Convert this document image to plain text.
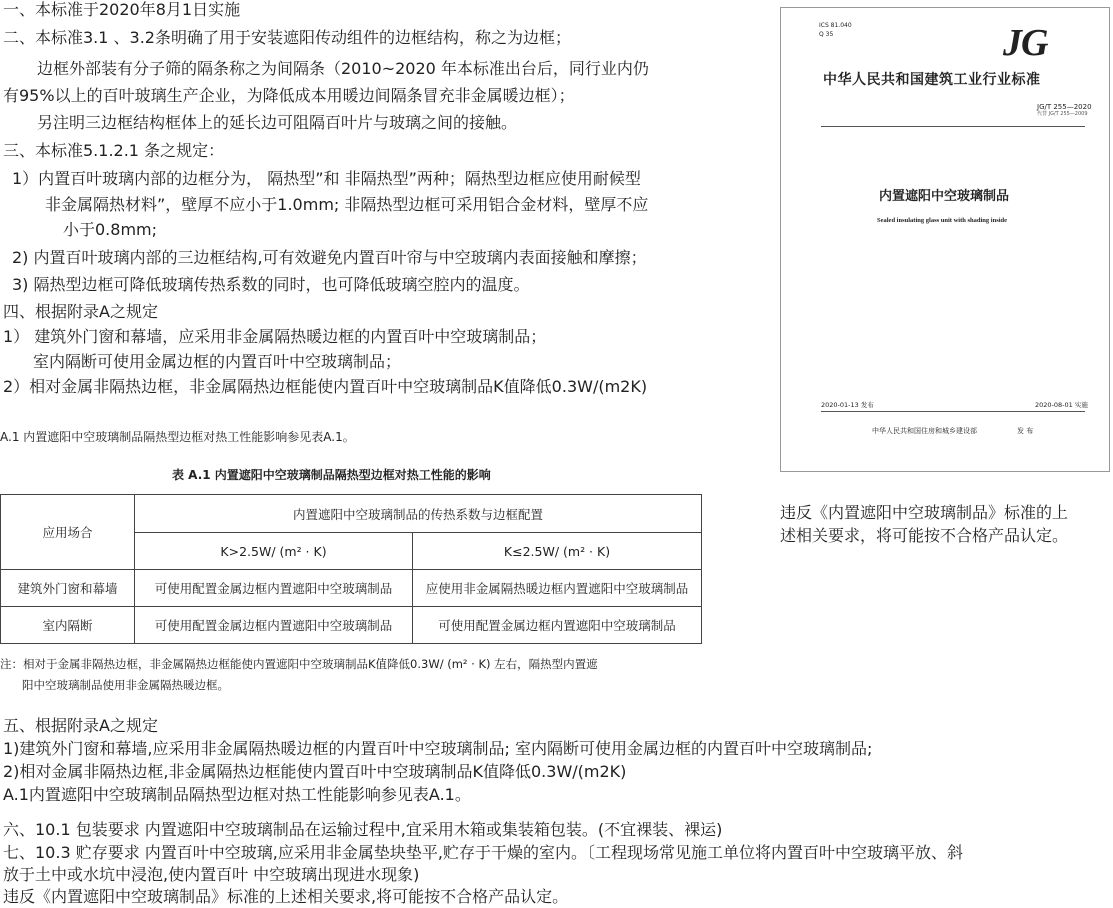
一、本标准于2020年8月1日实施
二、本标准3.1 、3.2条明确了用于安装遮阳传动组件的边框结构，称之为边框；
边框外部装有分子筛的隔条称之为间隔条（2010~2020 年本标准出台后，同行业内仍
有95%以上的百叶玻璃生产企业，为降低成本用暖边间隔条冒充非金属暖边框）；
另注明三边框结构框体上的延长边可阻隔百叶片与玻璃之间的接触。
三、本标准5.1.2.1 条之规定：
1）内置百叶玻璃内部的边框分为， 隔热型”和 非隔热型”两种；隔热型边框应使用耐候型
非金属隔热材料”，壁厚不应小于1.0mm; 非隔热型边框可采用铝合金材料，壁厚不应
小于0.8mm;
2) 内置百叶玻璃内部的三边框结构,可有效避免内置百叶帘与中空玻璃内表面接触和摩擦；
3) 隔热型边框可降低玻璃传热系数的同时，也可降低玻璃空腔内的温度。
四、根据附录A之规定
1） 建筑外门窗和幕墙，应采用非金属隔热暖边框的内置百叶中空玻璃制品；
室内隔断可使用金属边框的内置百叶中空玻璃制品；
2）相对金属非隔热边框，非金属隔热边框能使内置百叶中空玻璃制品K值降低0.3W/(m2K)
A.1 内置遮阳中空玻璃制品隔热型边框对热工性能影响参见表A.1。
表 A.1 内置遮阳中空玻璃制品隔热型边框对热工性能的影响
应用场合	内置遮阳中空玻璃制品的传热系数与边框配置	
	K>2.5W/ (m² · K)	K≤2.5W/ (m² · K)
建筑外门窗和幕墙	可使用配置金属边框内置遮阳中空玻璃制品	应使用非金属隔热暖边框内置遮阳中空玻璃制品
室内隔断	可使用配置金属边框内置遮阳中空玻璃制品	可使用配置金属边框内置遮阳中空玻璃制品
注：相对于金属非隔热边框，非金属隔热边框能使内置遮阳中空玻璃制品K值降低0.3W/ (m² · K) 左右，隔热型内置遮
阳中空玻璃制品使用非金属隔热暖边框。
五、根据附录A之规定
1)建筑外门窗和幕墙,应采用非金属隔热暖边框的内置百叶中空玻璃制品; 室内隔断可使用金属边框的内置百叶中空玻璃制品;
2)相对金属非隔热边框,非金属隔热边框能使内置百叶中空玻璃制品K值降低0.3W/(m2K)
A.1内置遮阳中空玻璃制品隔热型边框对热工性能影响参见表A.1。
六、10.1 包装要求 内置遮阳中空玻璃制品在运输过程中,宜采用木箱或集装箱包装。(不宜裸装、裸运)
七、10.3 贮存要求 内置百叶中空玻璃,应采用非金属垫块垫平,贮存于干燥的室内。〔工程现场常见施工单位将内置百叶中空玻璃平放、斜
放于土中或水坑中浸泡,使内置百叶 中空玻璃出现进水现象)
违反《内置遮阳中空玻璃制品》标准的上述相关要求,将可能按不合格产品认定。
违反《内置遮阳中空玻璃制品》标准的上
述相关要求，将可能按不合格产品认定。
ICS 81.040
Q 35	JG
中华人民共和国建筑工业行业标准
JG/T 255—2020
代替 JG/T 255—2009
内置遮阳中空玻璃制品
Sealed insulating glass unit with shading inside
2020-01-13 发布	2020-08-01 实施
中华人民共和国住房和城乡建设部	发 布
